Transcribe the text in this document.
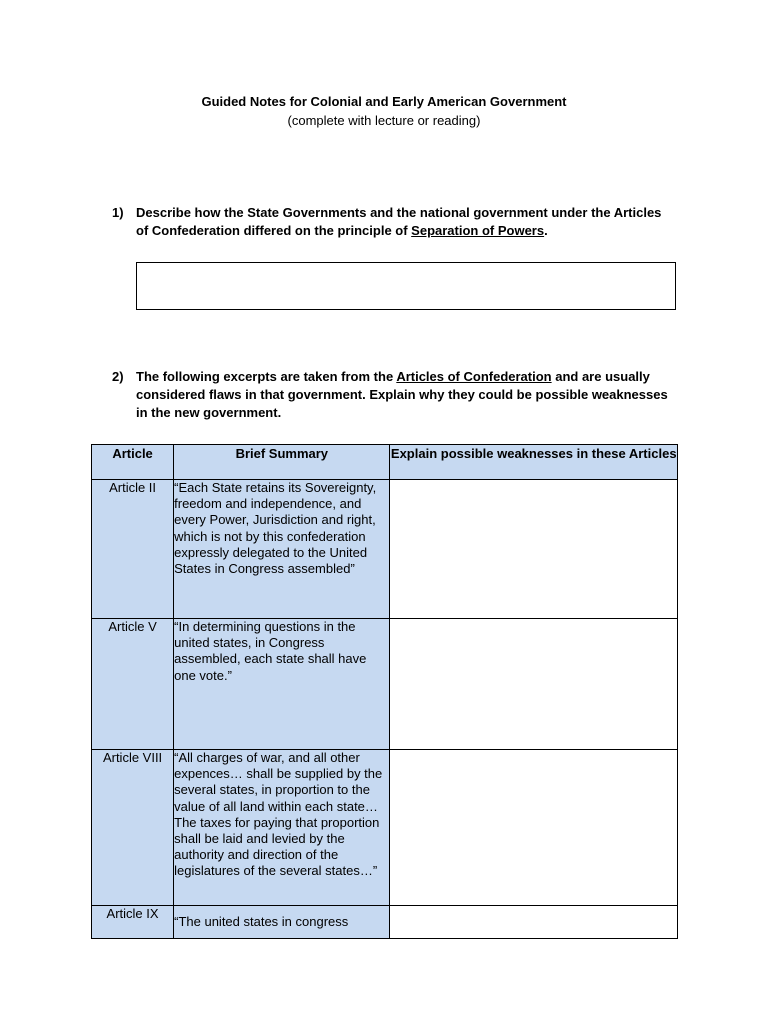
Guided Notes for Colonial and Early American Government
(complete with lecture or reading)
1) Describe how the State Governments and the national government under the Articles of Confederation differed on the principle of Separation of Powers.
2) The following excerpts are taken from the Articles of Confederation and are usually considered flaws in that government. Explain why they could be possible weaknesses in the new government.
Article	Brief Summary	Explain possible weaknesses in these Articles
Article II	“Each State retains its Sovereignty, freedom and independence, and every Power, Jurisdiction and right, which is not by this confederation expressly delegated to the United States in Congress assembled”	
Article V	“In determining questions in the united states, in Congress assembled, each state shall have one vote.”	
Article VIII	“All charges of war, and all other expences… shall be supplied by the several states, in proportion to the value of all land within each state…The taxes for paying that proportion shall be laid and levied by the authority and direction of the legislatures of the several states…”	
Article IX	“The united states in congress	
